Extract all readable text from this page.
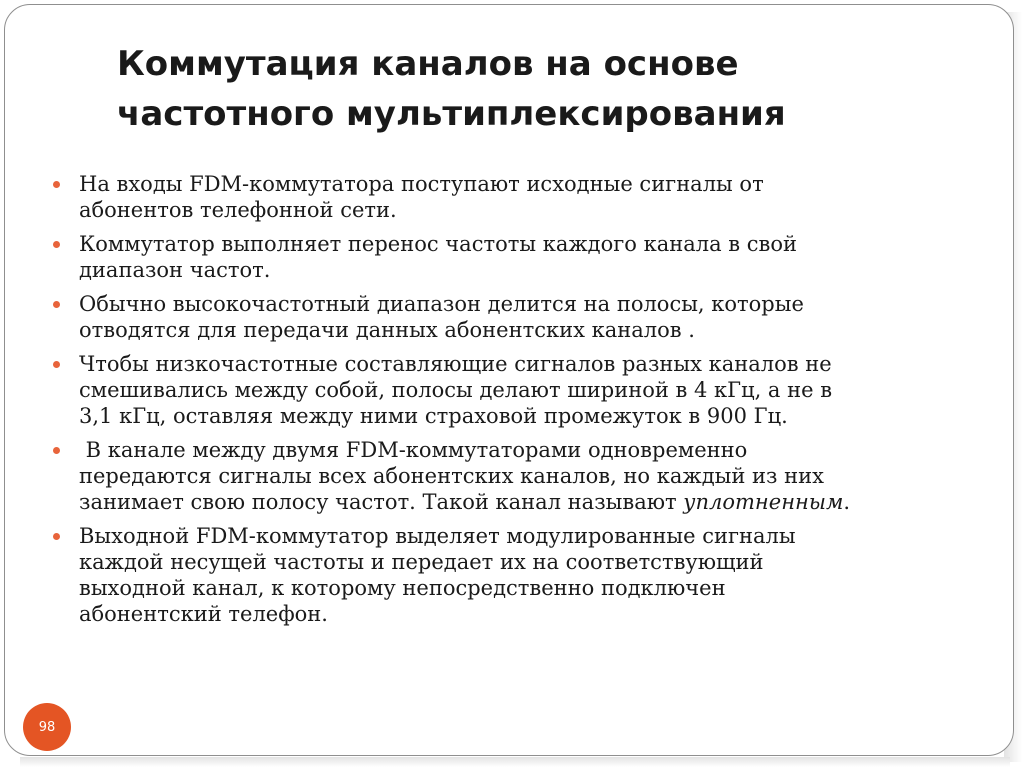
Коммутация каналов на основе
частотного мультиплексирования
На входы FDM-коммутатора поступают исходные сигналы от
абонентов телефонной сети.
Коммутатор выполняет перенос частоты каждого канала в свой
диапазон частот.
Обычно высокочастотный диапазон делится на полосы, которые
отводятся для передачи данных абонентских каналов .
Чтобы низкочастотные составляющие сигналов разных каналов не
смешивались между собой, полосы делают шириной в 4 кГц, а не в
3,1 кГц, оставляя между ними страховой промежуток в 900 Гц.
В канале между двумя FDM-коммутаторами одновременно
передаются сигналы всех абонентских каналов, но каждый из них
занимает свою полосу частот. Такой канал называют уплотненным.
Выходной FDM-коммутатор выделяет модулированные сигналы
каждой несущей частоты и передает их на соответствующий
выходной канал, к которому непосредственно подключен
абонентский телефон.
98
